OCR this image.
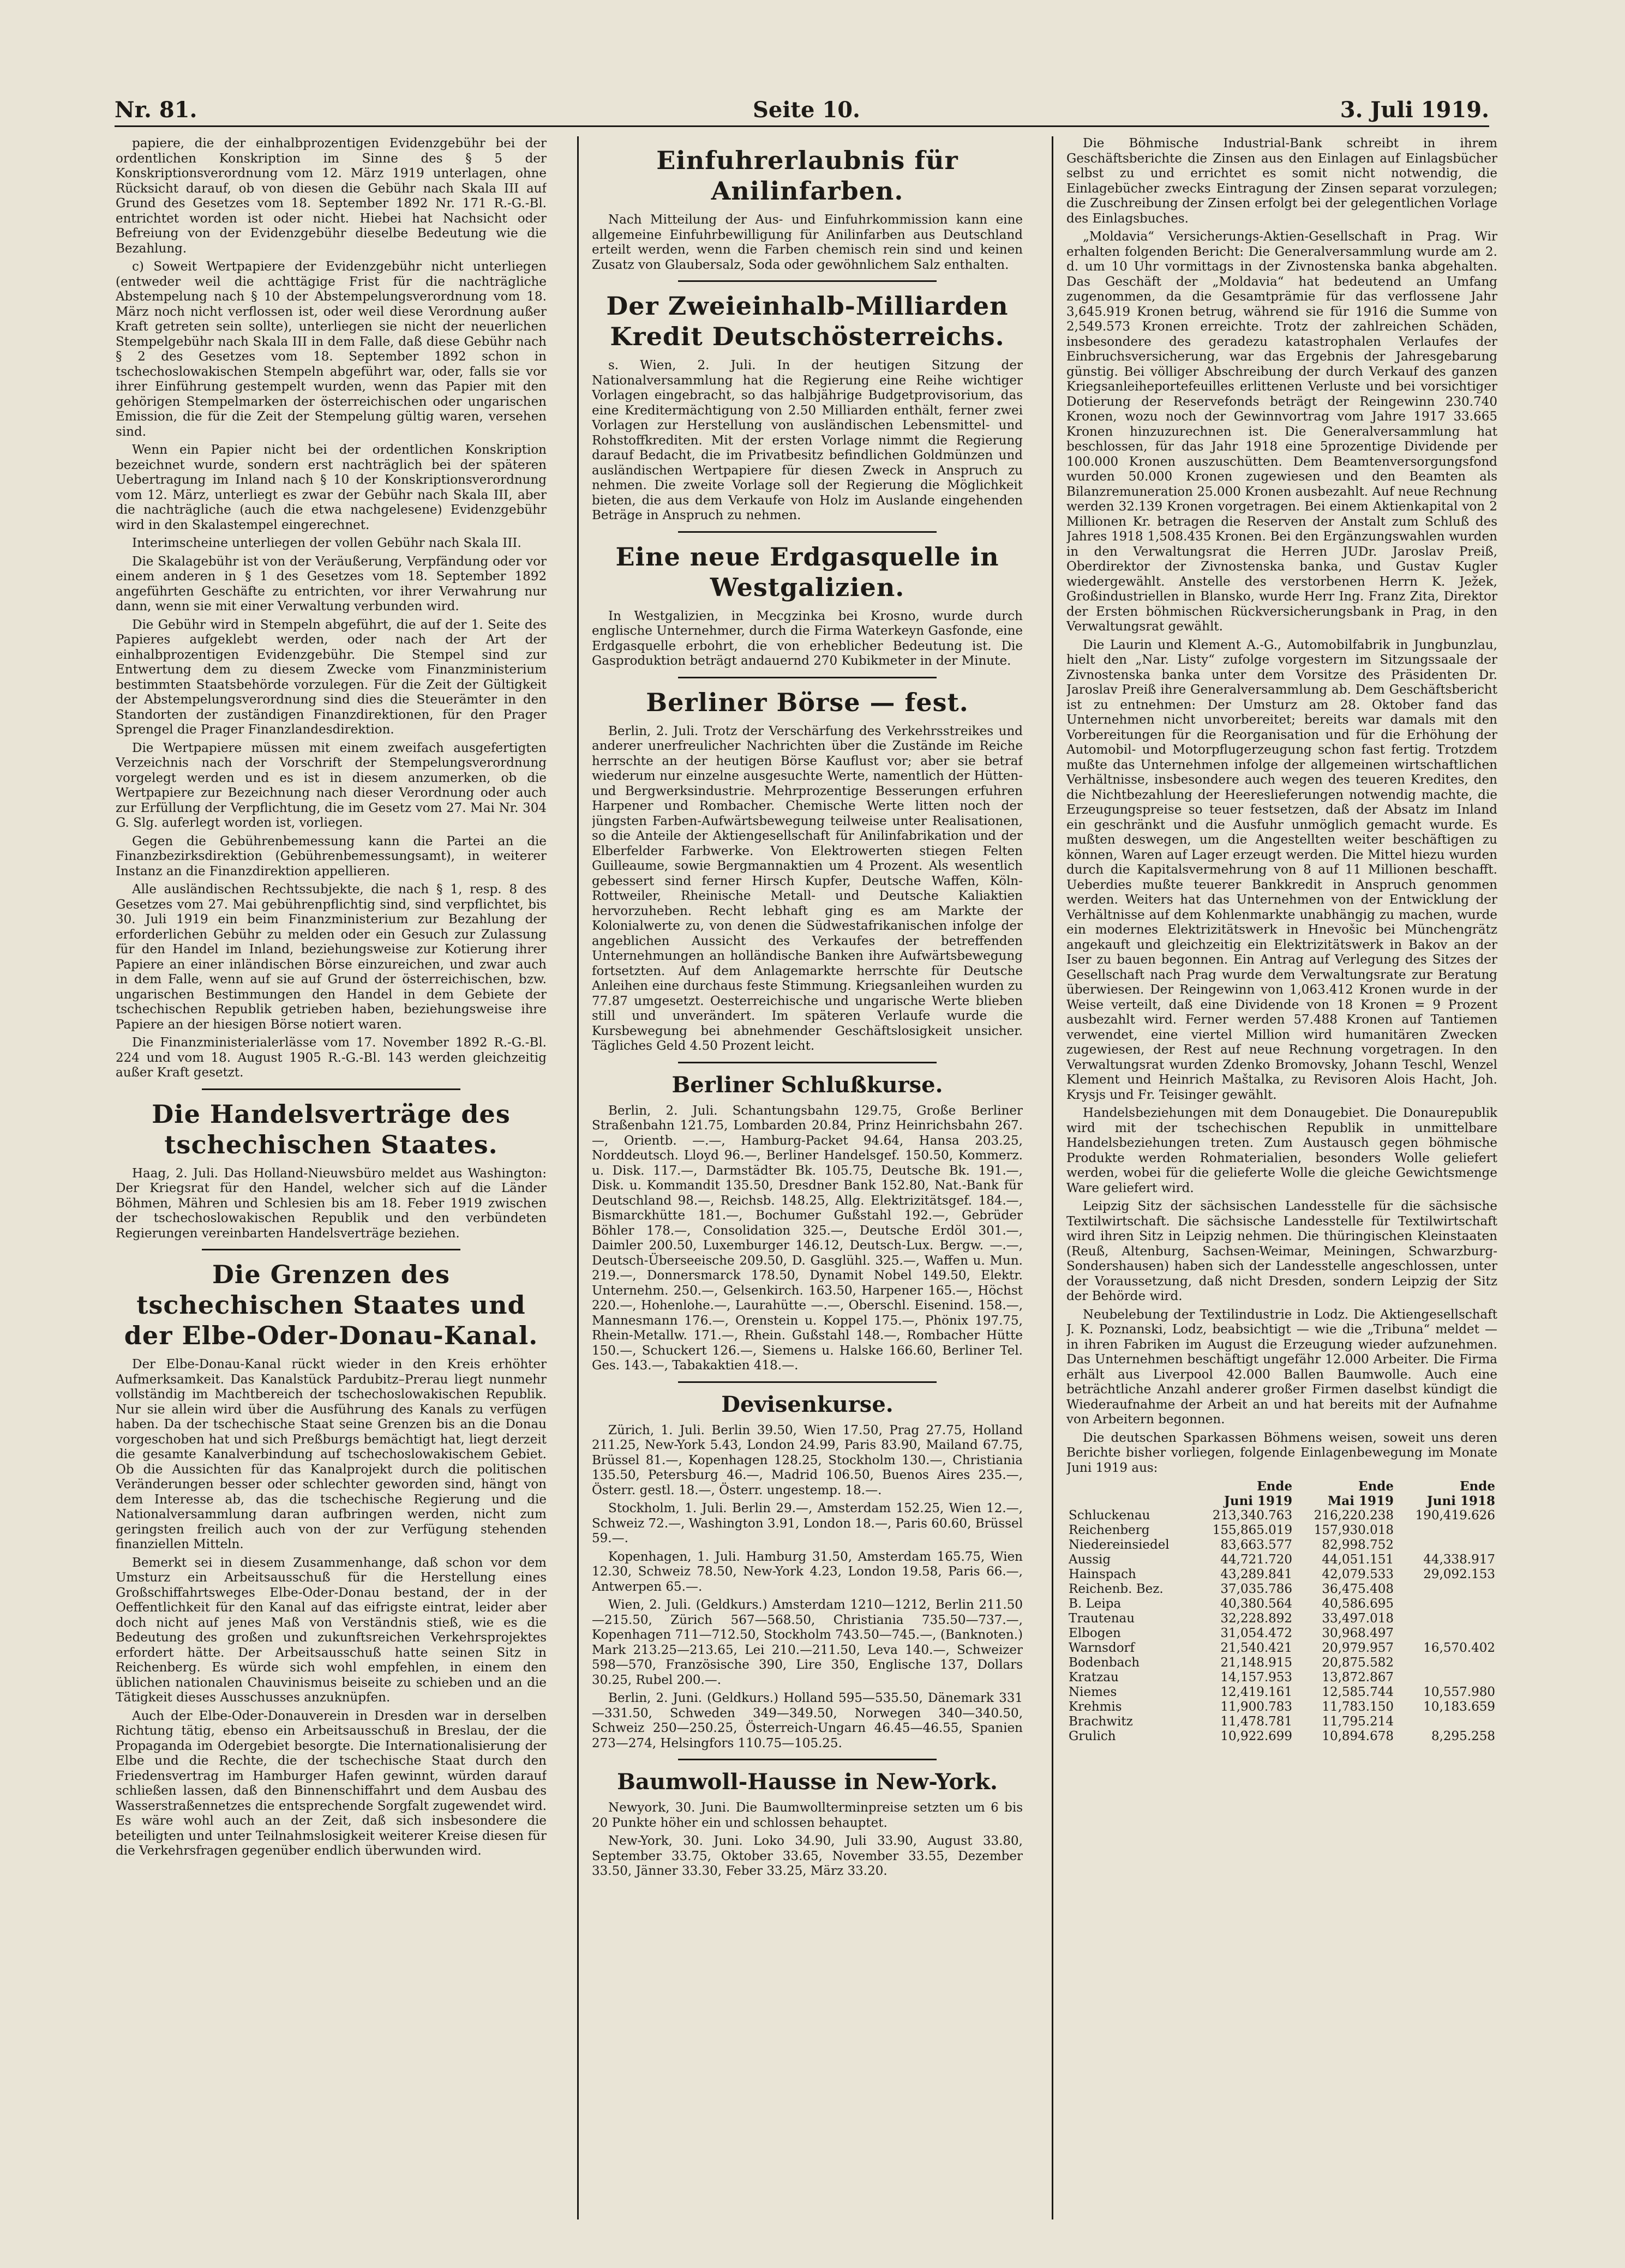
Nr. 81.	Seite 10.	3. Juli 1919.

papiere, die der einhalbprozentigen Evidenzgebühr bei der ordentlichen Konskription im Sinne des § 5 der Konskriptionsverordnung vom 12. März 1919 unterlagen, ohne Rücksicht darauf, ob von diesen die Gebühr nach Skala III auf Grund des Gesetzes vom 18. September 1892 Nr. 171 R.-G.-Bl. entrichtet worden ist oder nicht. Hiebei hat Nachsicht oder Befreiung von der Evidenzgebühr dieselbe Bedeutung wie die Bezahlung.

c) Soweit Wertpapiere der Evidenzgebühr nicht unterliegen (entweder weil die achttägige Frist für die nachträgliche Abstempelung nach § 10 der Abstempelungsverordnung vom 18. März noch nicht verflossen ist, oder weil diese Verordnung außer Kraft getreten sein sollte), unterliegen sie nicht der neuerlichen Stempelgebühr nach Skala III in dem Falle, daß diese Gebühr nach § 2 des Gesetzes vom 18. September 1892 schon in tschechoslowakischen Stempeln abgeführt war, oder, falls sie vor ihrer Einführung gestempelt wurden, wenn das Papier mit den gehörigen Stempelmarken der österreichischen oder ungarischen Emission, die für die Zeit der Stempelung gültig waren, versehen sind.

Wenn ein Papier nicht bei der ordentlichen Konskription bezeichnet wurde, sondern erst nachträglich bei der späteren Uebertragung im Inland nach § 10 der Konskriptionsverordnung vom 12. März, unterliegt es zwar der Gebühr nach Skala III, aber die nachträgliche (auch die etwa nachgelesene) Evidenzgebühr wird in den Skalastempel eingerechnet.

Interimscheine unterliegen der vollen Gebühr nach Skala III.

Die Skalagebühr ist von der Veräußerung, Verpfändung oder vor einem anderen in § 1 des Gesetzes vom 18. September 1892 angeführten Geschäfte zu entrichten, vor ihrer Verwahrung nur dann, wenn sie mit einer Verwaltung verbunden wird.

Die Gebühr wird in Stempeln abgeführt, die auf der 1. Seite des Papieres aufgeklebt werden, oder nach der Art der einhalbprozentigen Evidenzgebühr. Die Stempel sind zur Entwertung dem zu diesem Zwecke vom Finanzministerium bestimmten Staatsbehörde vorzulegen. Für die Zeit der Gültigkeit der Abstempelungsverordnung sind dies die Steuerämter in den Standorten der zuständigen Finanzdirektionen, für den Prager Sprengel die Prager Finanzlandesdirektion.

Die Wertpapiere müssen mit einem zweifach ausgefertigten Verzeichnis nach der Vorschrift der Stempelungsverordnung vorgelegt werden und es ist in diesem anzumerken, ob die Wertpapiere zur Bezeichnung nach dieser Verordnung oder auch zur Erfüllung der Verpflichtung, die im Gesetz vom 27. Mai Nr. 304 G. Slg. auferlegt worden ist, vorliegen.

Gegen die Gebührenbemessung kann die Partei an die Finanzbezirksdirektion (Gebührenbemessungsamt), in weiterer Instanz an die Finanzdirektion appellieren.

Alle ausländischen Rechtssubjekte, die nach § 1, resp. 8 des Gesetzes vom 27. Mai gebührenpflichtig sind, sind verpflichtet, bis 30. Juli 1919 ein beim Finanzministerium zur Bezahlung der erforderlichen Gebühr zu melden oder ein Gesuch zur Zulassung für den Handel im Inland, beziehungsweise zur Kotierung ihrer Papiere an einer inländischen Börse einzureichen, und zwar auch in dem Falle, wenn auf sie auf Grund der österreichischen, bzw. ungarischen Bestimmungen den Handel in dem Gebiete der tschechischen Republik getrieben haben, beziehungsweise ihre Papiere an der hiesigen Börse notiert waren.

Die Finanzministerialerlässe vom 17. November 1892 R.-G.-Bl. 224 und vom 18. August 1905 R.-G.-Bl. 143 werden gleichzeitig außer Kraft gesetzt.

Die Handelsverträge des tschechischen Staates.

Haag, 2. Juli. Das Holland-Nieuwsbüro meldet aus Washington: Der Kriegsrat für den Handel, welcher sich auf die Länder Böhmen, Mähren und Schlesien bis am 18. Feber 1919 zwischen der tschechoslowakischen Republik und den verbündeten Regierungen vereinbarten Handelsverträge beziehen.

Die Grenzen des tschechischen Staates und der Elbe-Oder-Donau-Kanal.

Der Elbe-Donau-Kanal rückt wieder in den Kreis erhöhter Aufmerksamkeit. Das Kanalstück Pardubitz–Prerau liegt nunmehr vollständig im Machtbereich der tschechoslowakischen Republik. Nur sie allein wird über die Ausführung des Kanals zu verfügen haben. Da der tschechische Staat seine Grenzen bis an die Donau vorgeschoben hat und sich Preßburgs bemächtigt hat, liegt derzeit die gesamte Kanalverbindung auf tschechoslowakischem Gebiet. Ob die Aussichten für das Kanalprojekt durch die politischen Veränderungen besser oder schlechter geworden sind, hängt von dem Interesse ab, das die tschechische Regierung und die Nationalversammlung daran aufbringen werden, nicht zum geringsten freilich auch von der zur Verfügung stehenden finanziellen Mitteln.

Bemerkt sei in diesem Zusammenhange, daß schon vor dem Umsturz ein Arbeitsausschuß für die Herstellung eines Großschiffahrtsweges Elbe-Oder-Donau bestand, der in der Oeffentlichkeit für den Kanal auf das eifrigste eintrat, leider aber doch nicht auf jenes Maß von Verständnis stieß, wie es die Bedeutung des großen und zukunftsreichen Verkehrsprojektes erfordert hätte. Der Arbeitsausschuß hatte seinen Sitz in Reichenberg. Es würde sich wohl empfehlen, in einem den üblichen nationalen Chauvinismus beiseite zu schieben und an die Tätigkeit dieses Ausschusses anzuknüpfen.

Auch der Elbe-Oder-Donauverein in Dresden war in derselben Richtung tätig, ebenso ein Arbeitsausschuß in Breslau, der die Propaganda im Odergebiet besorgte. Die Internationalisierung der Elbe und die Rechte, die der tschechische Staat durch den Friedensvertrag im Hamburger Hafen gewinnt, würden darauf schließen lassen, daß den Binnenschiffahrt und dem Ausbau des Wasserstraßennetzes die entsprechende Sorgfalt zugewendet wird. Es wäre wohl auch an der Zeit, daß sich insbesondere die beteiligten und unter Teilnahmslosigkeit weiterer Kreise diesen für die Verkehrsfragen gegenüber endlich überwunden wird.

Einfuhrerlaubnis für Anilinfarben.

Nach Mitteilung der Aus- und Einfuhrkommission kann eine allgemeine Einfuhrbewilligung für Anilinfarben aus Deutschland erteilt werden, wenn die Farben chemisch rein sind und keinen Zusatz von Glaubersalz, Soda oder gewöhnlichem Salz enthalten.

Der Zweieinhalb-Milliarden Kredit Deutschösterreichs.

s. Wien, 2. Juli. In der heutigen Sitzung der Nationalversammlung hat die Regierung eine Reihe wichtiger Vorlagen eingebracht, so das halbjährige Budgetprovisorium, das eine Kreditermächtigung von 2.50 Milliarden enthält, ferner zwei Vorlagen zur Herstellung von ausländischen Lebensmittel- und Rohstoffkrediten. Mit der ersten Vorlage nimmt die Regierung darauf Bedacht, die im Privatbesitz befindlichen Goldmünzen und ausländischen Wertpapiere für diesen Zweck in Anspruch zu nehmen. Die zweite Vorlage soll der Regierung die Möglichkeit bieten, die aus dem Verkaufe von Holz im Auslande eingehenden Beträge in Anspruch zu nehmen.

Eine neue Erdgasquelle in Westgalizien.

In Westgalizien, in Mecgzinka bei Krosno, wurde durch englische Unternehmer, durch die Firma Waterkeyn Gasfonde, eine Erdgasquelle erbohrt, die von erheblicher Bedeutung ist. Die Gasproduktion beträgt andauernd 270 Kubikmeter in der Minute.

Berliner Börse — fest.

Berlin, 2. Juli. Trotz der Verschärfung des Verkehrsstreikes und anderer unerfreulicher Nachrichten über die Zustände im Reiche herrschte an der heutigen Börse Kauflust vor; aber sie betraf wiederum nur einzelne ausgesuchte Werte, namentlich der Hütten- und Bergwerksindustrie. Mehrprozentige Besserungen erfuhren Harpener und Rombacher. Chemische Werte litten noch der jüngsten Farben-Aufwärtsbewegung teilweise unter Realisationen, so die Anteile der Aktiengesellschaft für Anilinfabrikation und der Elberfelder Farbwerke. Von Elektrowerten stiegen Felten Guilleaume, sowie Bergmannaktien um 4 Prozent. Als wesentlich gebessert sind ferner Hirsch Kupfer, Deutsche Waffen, Köln-Rottweiler, Rheinische Metall- und Deutsche Kaliaktien hervorzuheben. Recht lebhaft ging es am Markte der Kolonialwerte zu, von denen die Südwestafrikanischen infolge der angeblichen Aussicht des Verkaufes der betreffenden Unternehmungen an holländische Banken ihre Aufwärtsbewegung fortsetzten. Auf dem Anlagemarkte herrschte für Deutsche Anleihen eine durchaus feste Stimmung. Kriegsanleihen wurden zu 77.87 umgesetzt. Oesterreichische und ungarische Werte blieben still und unverändert. Im späteren Verlaufe wurde die Kursbewegung bei abnehmender Geschäftslosigkeit unsicher. Tägliches Geld 4.50 Prozent leicht.

Berliner Schlußkurse.

Berlin, 2. Juli. Schantungsbahn 129.75, Große Berliner Straßenbahn 121.75, Lombarden 20.84, Prinz Heinrichsbahn 267.—, Orientb. —.—, Hamburg-Packet 94.64, Hansa 203.25, Norddeutsch. Lloyd 96.—, Berliner Handelsgef. 150.50, Kommerz. u. Disk. 117.—, Darmstädter Bk. 105.75, Deutsche Bk. 191.—, Disk. u. Kommandit 135.50, Dresdner Bank 152.80, Nat.-Bank für Deutschland 98.—, Reichsb. 148.25, Allg. Elektrizitätsgef. 184.—, Bismarckhütte 181.—, Bochumer Gußstahl 192.—, Gebrüder Böhler 178.—, Consolidation 325.—, Deutsche Erdöl 301.—, Daimler 200.50, Luxemburger 146.12, Deutsch-Lux. Bergw. —.—, Deutsch-Überseeische 209.50, D. Gasglühl. 325.—, Waffen u. Mun. 219.—, Donnersmarck 178.50, Dynamit Nobel 149.50, Elektr. Unternehm. 250.—, Gelsenkirch. 163.50, Harpener 165.—, Höchst 220.—, Hohenlohe.—, Laurahütte —.—, Oberschl. Eisenind. 158.—, Mannesmann 176.—, Orenstein u. Koppel 175.—, Phönix 197.75, Rhein-Metallw. 171.—, Rhein. Gußstahl 148.—, Rombacher Hütte 150.—, Schuckert 126.—, Siemens u. Halske 166.60, Berliner Tel. Ges. 143.—, Tabakaktien 418.—.

Devisenkurse.

Zürich, 1. Juli. Berlin 39.50, Wien 17.50, Prag 27.75, Holland 211.25, New-York 5.43, London 24.99, Paris 83.90, Mailand 67.75, Brüssel 81.—, Kopenhagen 128.25, Stockholm 130.—, Christiania 135.50, Petersburg 46.—, Madrid 106.50, Buenos Aires 235.—, Österr. gestl. 18.—, Österr. ungestemp. 18.—.

Stockholm, 1. Juli. Berlin 29.—, Amsterdam 152.25, Wien 12.—, Schweiz 72.—, Washington 3.91, London 18.—, Paris 60.60, Brüssel 59.—.

Kopenhagen, 1. Juli. Hamburg 31.50, Amsterdam 165.75, Wien 12.30, Schweiz 78.50, New-York 4.23, London 19.58, Paris 66.—, Antwerpen 65.—.

Wien, 2. Juli. (Geldkurs.) Amsterdam 1210—1212, Berlin 211.50—215.50, Zürich 567—568.50, Christiania 735.50—737.—, Kopenhagen 711—712.50, Stockholm 743.50—745.—, (Banknoten.) Mark 213.25—213.65, Lei 210.—211.50, Leva 140.—, Schweizer 598—570, Französische 390, Lire 350, Englische 137, Dollars 30.25, Rubel 200.—.

Berlin, 2. Juni. (Geldkurs.) Holland 595—535.50, Dänemark 331—331.50, Schweden 349—349.50, Norwegen 340—340.50, Schweiz 250—250.25, Österreich-Ungarn 46.45—46.55, Spanien 273—274, Helsingfors 110.75—105.25.

Baumwoll-Hausse in New-York.

Newyork, 30. Juni. Die Baumwollterminpreise setzten um 6 bis 20 Punkte höher ein und schlossen behauptet.

New-York, 30. Juni. Loko 34.90, Juli 33.90, August 33.80, September 33.75, Oktober 33.65, November 33.55, Dezember 33.50, Jänner 33.30, Feber 33.25, März 33.20.

Die Böhmische Industrial-Bank schreibt in ihrem Geschäftsberichte die Zinsen aus den Einlagen auf Einlagsbücher selbst zu und errichtet es somit nicht notwendig, die Einlagebücher zwecks Eintragung der Zinsen separat vorzulegen; die Zuschreibung der Zinsen erfolgt bei der gelegentlichen Vorlage des Einlagsbuches.

„Moldavia“ Versicherungs-Aktien-Gesellschaft in Prag. Wir erhalten folgenden Bericht: Die Generalversammlung wurde am 2. d. um 10 Uhr vormittags in der Zivnostenska banka abgehalten. Das Geschäft der „Moldavia“ hat bedeutend an Umfang zugenommen, da die Gesamtprämie für das verflossene Jahr 3,645.919 Kronen betrug, während sie für 1916 die Summe von 2,549.573 Kronen erreichte. Trotz der zahlreichen Schäden, insbesondere des geradezu katastrophalen Verlaufes der Einbruchsversicherung, war das Ergebnis der Jahresgebarung günstig. Bei völliger Abschreibung der durch Verkauf des ganzen Kriegsanleiheportefeuilles erlittenen Verluste und bei vorsichtiger Dotierung der Reservefonds beträgt der Reingewinn 230.740 Kronen, wozu noch der Gewinnvortrag vom Jahre 1917 33.665 Kronen hinzuzurechnen ist. Die Generalversammlung hat beschlossen, für das Jahr 1918 eine 5prozentige Dividende per 100.000 Kronen auszuschütten. Dem Beamtenversorgungsfond wurden 50.000 Kronen zugewiesen und den Beamten als Bilanzremuneration 25.000 Kronen ausbezahlt. Auf neue Rechnung werden 32.139 Kronen vorgetragen. Bei einem Aktienkapital von 2 Millionen Kr. betragen die Reserven der Anstalt zum Schluß des Jahres 1918 1,508.435 Kronen. Bei den Ergänzungswahlen wurden in den Verwaltungsrat die Herren JUDr. Jaroslav Preiß, Oberdirektor der Zivnostenska banka, und Gustav Kugler wiedergewählt. Anstelle des verstorbenen Herrn K. Ježek, Großindustriellen in Blansko, wurde Herr Ing. Franz Zita, Direktor der Ersten böhmischen Rückversicherungsbank in Prag, in den Verwaltungsrat gewählt.

Die Laurin und Klement A.-G., Automobilfabrik in Jungbunzlau, hielt den „Nar. Listy“ zufolge vorgestern im Sitzungssaale der Zivnostenska banka unter dem Vorsitze des Präsidenten Dr. Jaroslav Preiß ihre Generalversammlung ab. Dem Geschäftsbericht ist zu entnehmen: Der Umsturz am 28. Oktober fand das Unternehmen nicht unvorbereitet; bereits war damals mit den Vorbereitungen für die Reorganisation und für die Erhöhung der Automobil- und Motorpflugerzeugung schon fast fertig. Trotzdem mußte das Unternehmen infolge der allgemeinen wirtschaftlichen Verhältnisse, insbesondere auch wegen des teueren Kredites, den die Nichtbezahlung der Heereslieferungen notwendig machte, die Erzeugungspreise so teuer festsetzen, daß der Absatz im Inland ein geschränkt und die Ausfuhr unmöglich gemacht wurde. Es mußten deswegen, um die Angestellten weiter beschäftigen zu können, Waren auf Lager erzeugt werden. Die Mittel hiezu wurden durch die Kapitalsvermehrung von 8 auf 11 Millionen beschafft. Ueberdies mußte teuerer Bankkredit in Anspruch genommen werden. Weiters hat das Unternehmen von der Entwicklung der Verhältnisse auf dem Kohlenmarkte unabhängig zu machen, wurde ein modernes Elektrizitätswerk in Hnevošic bei Münchengrätz angekauft und gleichzeitig ein Elektrizitätswerk in Bakov an der Iser zu bauen begonnen. Ein Antrag auf Verlegung des Sitzes der Gesellschaft nach Prag wurde dem Verwaltungsrate zur Beratung überwiesen. Der Reingewinn von 1,063.412 Kronen wurde in der Weise verteilt, daß eine Dividende von 18 Kronen = 9 Prozent ausbezahlt wird. Ferner werden 57.488 Kronen auf Tantiemen verwendet, eine viertel Million wird humanitären Zwecken zugewiesen, der Rest auf neue Rechnung vorgetragen. In den Verwaltungsrat wurden Zdenko Bromovsky, Johann Teschl, Wenzel Klement und Heinrich Maštalka, zu Revisoren Alois Hacht, Joh. Krysjs und Fr. Teisinger gewählt.

Handelsbeziehungen mit dem Donaugebiet. Die Donaurepublik wird mit der tschechischen Republik in unmittelbare Handelsbeziehungen treten. Zum Austausch gegen böhmische Produkte werden Rohmaterialien, besonders Wolle geliefert werden, wobei für die gelieferte Wolle die gleiche Gewichtsmenge Ware geliefert wird.

Leipzig Sitz der sächsischen Landesstelle für die sächsische Textilwirtschaft. Die sächsische Landesstelle für Textilwirtschaft wird ihren Sitz in Leipzig nehmen. Die thüringischen Kleinstaaten (Reuß, Altenburg, Sachsen-Weimar, Meiningen, Schwarzburg-Sondershausen) haben sich der Landesstelle angeschlossen, unter der Voraussetzung, daß nicht Dresden, sondern Leipzig der Sitz der Behörde wird.

Neubelebung der Textilindustrie in Lodz. Die Aktiengesellschaft J. K. Poznanski, Lodz, beabsichtigt — wie die „Tribuna“ meldet — in ihren Fabriken im August die Erzeugung wieder aufzunehmen. Das Unternehmen beschäftigt ungefähr 12.000 Arbeiter. Die Firma erhält aus Liverpool 42.000 Ballen Baumwolle. Auch eine beträchtliche Anzahl anderer großer Firmen daselbst kündigt die Wiederaufnahme der Arbeit an und hat bereits mit der Aufnahme von Arbeitern begonnen.

Die deutschen Sparkassen Böhmens weisen, soweit uns deren Berichte bisher vorliegen, folgende Einlagenbewegung im Monate Juni 1919 aus:

	Ende	Ende	Ende
	Juni 1919	Mai 1919	Juni 1918
Schluckenau	213,340.763	216,220.238	190,419.626
Reichenberg	155,865.019	157,930.018	
Niedereinsiedel	83,663.577	82,998.752	
Aussig	44,721.720	44,051.151	44,338.917
Hainspach	43,289.841	42,079.533	29,092.153
Reichenb. Bez.	37,035.786	36,475.408	
B. Leipa	40,380.564	40,586.695	
Trautenau	32,228.892	33,497.018	
Elbogen	31,054.472	30,968.497	
Warnsdorf	21,540.421	20,979.957	16,570.402
Bodenbach	21,148.915	20,875.582	
Kratzau	14,157.953	13,872.867	
Niemes	12,419.161	12,585.744	10,557.980
Krehmis	11,900.783	11,783.150	10,183.659
Brachwitz	11,478.781	11,795.214	
Grulich	10,922.699	10,894.678	8,295.258
